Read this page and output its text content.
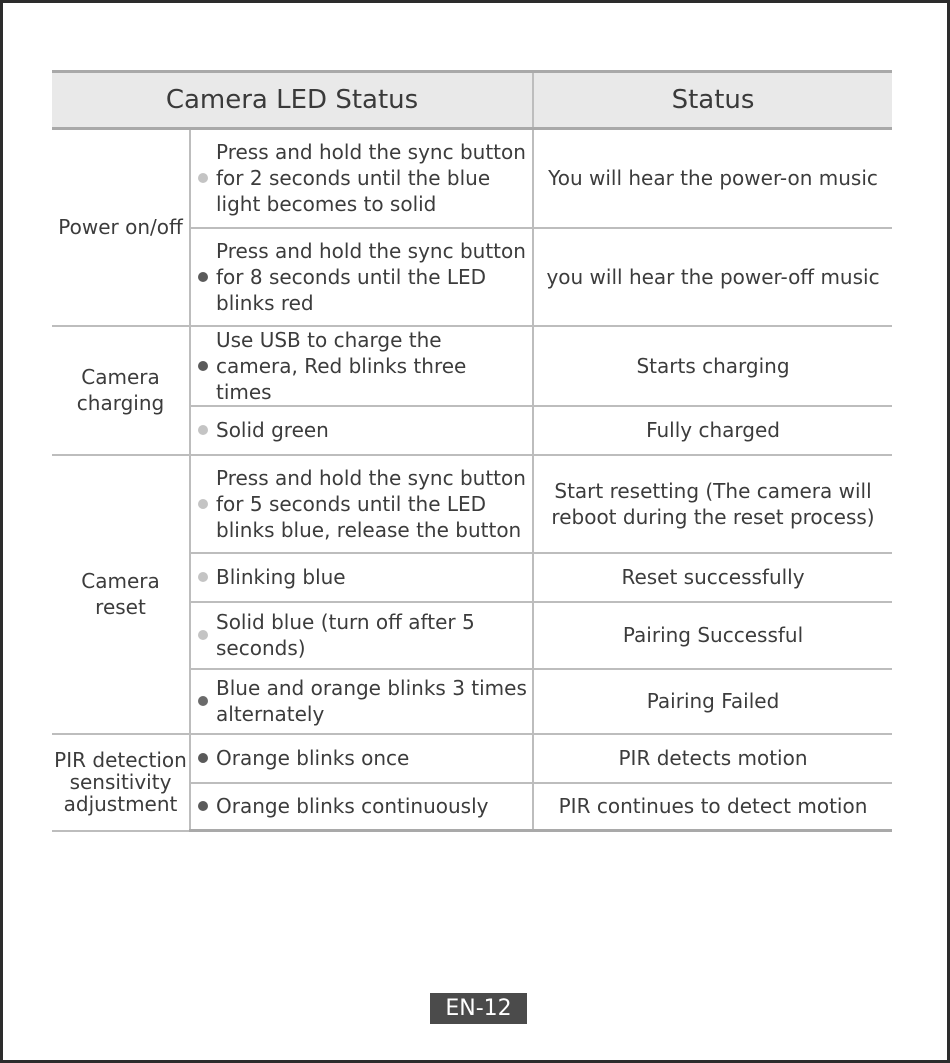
Camera LED Status		Status
Power on/off	Press and hold the sync button for 2 seconds until the blue light becomes to solid	You will hear the power-on music

Press and hold the sync button for 8 seconds until the LED blinks red	you will hear the power-off music
Camera charging	Use USB to charge the camera, Red blinks three times	Starts charging

Solid green	Fully charged
Camera reset	Press and hold the sync button for 5 seconds until the LED blinks blue, release the button	Start resetting (The camera will reboot during the reset process)

Blinking blue	Reset successfully

Solid blue (turn off after 5 seconds)	Pairing Successful

Blue and orange blinks 3 times alternately	Pairing Failed
PIR detection sensitivity adjustment	Orange blinks once	PIR detects motion

Orange blinks continuously	PIR continues to detect motion
EN-12
